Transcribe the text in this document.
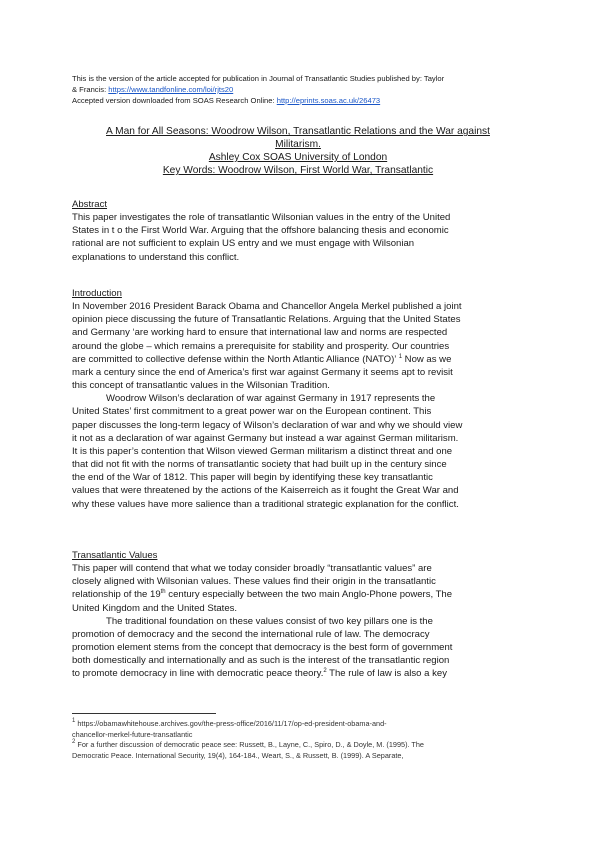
This is the version of the article accepted for publication in Journal of Transatlantic Studies published by: Taylor
& Francis: https://www.tandfonline.com/loi/rjts20
Accepted version downloaded from SOAS Research Online: http://eprints.soas.ac.uk/26473
A Man for All Seasons: Woodrow Wilson, Transatlantic Relations and the War against
Militarism.
Ashley Cox SOAS University of London
Key Words: Woodrow Wilson, First World War, Transatlantic
Abstract
This paper investigates the role of transatlantic Wilsonian values in the entry of the United
States in t o the First World War. Arguing that the offshore balancing thesis and economic
rational are not sufficient to explain US entry and we must engage with Wilsonian
explanations to understand this conflict.
Introduction
In November 2016 President Barack Obama and Chancellor Angela Merkel published a joint
opinion piece discussing the future of Transatlantic Relations. Arguing that the United States
and Germany ‘are working hard to ensure that international law and norms are respected
around the globe – which remains a prerequisite for stability and prosperity. Our countries
are committed to collective defense within the North Atlantic Alliance (NATO)’ $^1$ Now as we
mark a century since the end of America’s first war against Germany it seems apt to revisit
this concept of transatlantic values in the Wilsonian Tradition.
Woodrow Wilson’s declaration of war against Germany in 1917 represents the
United States’ first commitment to a great power war on the European continent. This
paper discusses the long-term legacy of Wilson’s declaration of war and why we should view
it not as a declaration of war against Germany but instead a war against German militarism.
It is this paper’s contention that Wilson viewed German militarism a distinct threat and one
that did not fit with the norms of transatlantic society that had built up in the century since
the end of the War of 1812. This paper will begin by identifying these key transatlantic
values that were threatened by the actions of the Kaiserreich as it fought the Great War and
why these values have more salience than a traditional strategic explanation for the conflict.
Transatlantic Values
This paper will contend that what we today consider broadly “transatlantic values” are
closely aligned with Wilsonian values. These values find their origin in the transatlantic
relationship of the 19th century especially between the two main Anglo-Phone powers, The
United Kingdom and the United States.
The traditional foundation on these values consist of two key pillars one is the
promotion of democracy and the second the international rule of law. The democracy
promotion element stems from the concept that democracy is the best form of government
both domestically and internationally and as such is the interest of the transatlantic region
to promote democracy in line with democratic peace theory.$^2$ The rule of law is also a key
$^1$ https://obamawhitehouse.archives.gov/the-press-office/2016/11/17/op-ed-president-obama-and-
chancellor-merkel-future-transatlantic
$^2$ For a further discussion of democratic peace see: Russett, B., Layne, C., Spiro, D., & Doyle, M. (1995). The
Democratic Peace. International Security, 19(4), 164-184., Weart, S., & Russett, B. (1999). A Separate,
